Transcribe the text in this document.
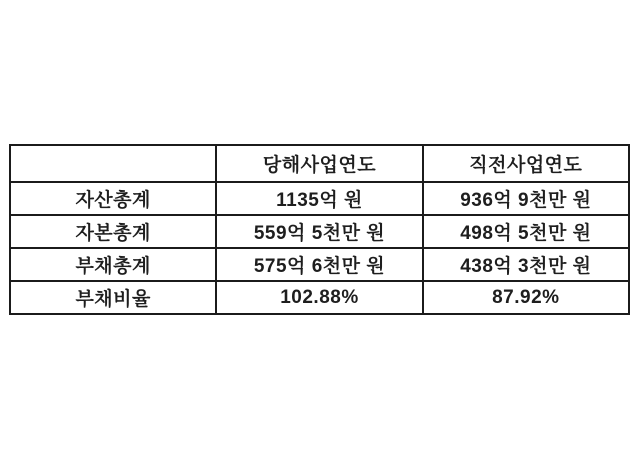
	당해사업연도	직전사업연도
자산총계	1135억 원	936억 9천만 원
자본총계	559억 5천만 원	498억 5천만 원
부채총계	575억 6천만 원	438억 3천만 원
부채비율	102.88%	87.92%
